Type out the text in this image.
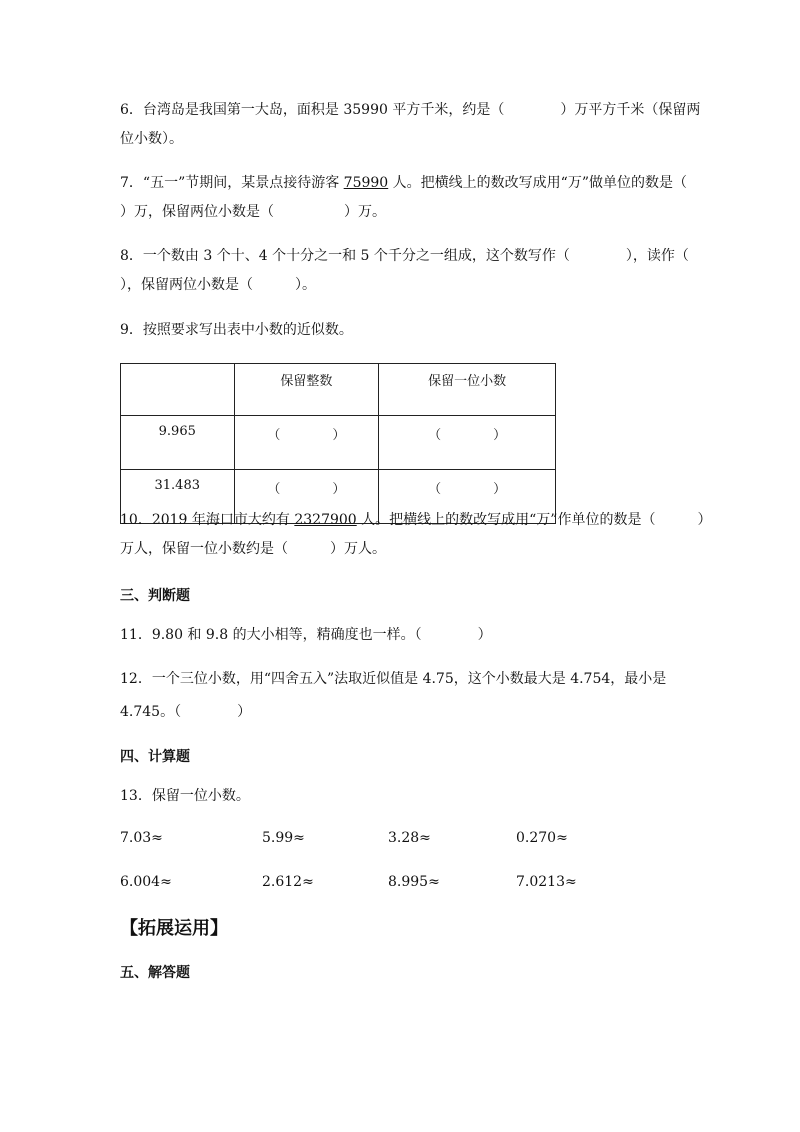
6．台湾岛是我国第一大岛，面积是 35990 平方千米，约是（　　　　）万平方千米（保留两
位小数）。
7．“五一”节期间，某景点接待游客 75990 人。把横线上的数改写成用“万”做单位的数是（
）万，保留两位小数是（　　　　　）万。
8．一个数由 3 个十、4 个十分之一和 5 个千分之一组成，这个数写作（　　　　），读作（
），保留两位小数是（　　　）。
9．按照要求写出表中小数的近似数。
	保留整数	保留一位小数
9.965	（　　　　）	（　　　　）
31.483	（　　　　）	（　　　　）
10．2019 年海口市大约有 2327900 人。把横线上的数改写成用“万”作单位的数是（　　　）
万人，保留一位小数约是（　　　）万人。
三、判断题
11．9.80 和 9.8 的大小相等，精确度也一样。（　　　　）
12．一个三位小数，用“四舍五入”法取近似值是 4.75，这个小数最大是 4.754，最小是
4.745。（　　　　）
四、计算题
13．保留一位小数。
7.03≈	5.99≈	3.28≈	0.270≈
6.004≈	2.612≈	8.995≈	7.0213≈
【拓展运用】
五、解答题
